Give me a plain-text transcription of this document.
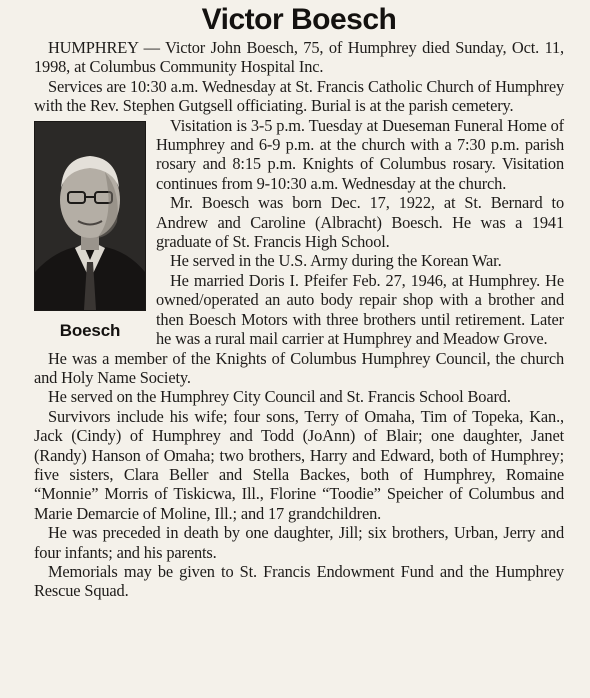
Victor Boesch

HUMPHREY — Victor John Boesch, 75, of Humphrey died Sunday, Oct. 11, 1998, at Columbus Community Hospital Inc.

Services are 10:30 a.m. Wednesday at St. Francis Catholic Church of Humphrey with the Rev. Stephen Gutgsell officiating. Burial is at the parish cemetery.

Boesch

Visitation is 3-5 p.m. Tuesday at Dueseman Funeral Home of Humphrey and 6-9 p.m. at the church with a 7:30 p.m. parish rosary and 8:15 p.m. Knights of Columbus rosary. Visitation continues from 9-10:30 a.m. Wednesday at the church.

Mr. Boesch was born Dec. 17, 1922, at St. Bernard to Andrew and Caroline (Albracht) Boesch. He was a 1941 graduate of St. Francis High School.

He served in the U.S. Army during the Korean War.

He married Doris I. Pfeifer Feb. 27, 1946, at Humphrey. He owned/operated an auto body repair shop with a brother and then Boesch Motors with three brothers until retirement. Later he was a rural mail carrier at Humphrey and Meadow Grove.

He was a member of the Knights of Columbus Humphrey Council, the church and Holy Name Society.

He served on the Humphrey City Council and St. Francis School Board.

Survivors include his wife; four sons, Terry of Omaha, Tim of Topeka, Kan., Jack (Cindy) of Humphrey and Todd (JoAnn) of Blair; one daughter, Janet (Randy) Hanson of Omaha; two brothers, Harry and Edward, both of Humphrey; five sisters, Clara Beller and Stella Backes, both of Humphrey, Romaine “Monnie” Morris of Tiskicwa, Ill., Florine “Toodie” Speicher of Columbus and Marie Demarcie of Moline, Ill.; and 17 grandchildren.

He was preceded in death by one daughter, Jill; six brothers, Urban, Jerry and four infants; and his parents.

Memorials may be given to St. Francis Endowment Fund and the Humphrey Rescue Squad.
